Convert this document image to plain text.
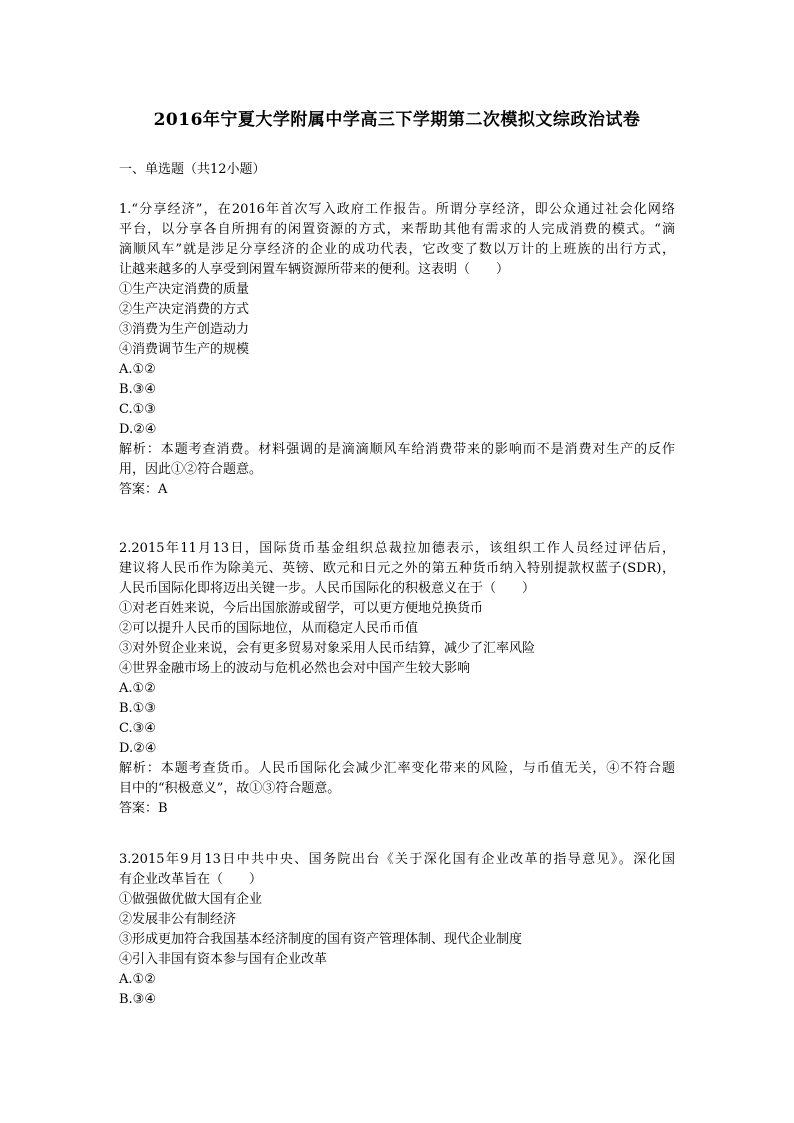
2016年宁夏大学附属中学高三下学期第二次模拟文综政治试卷
一、单选题（共12小题）
1.“分享经济”，在2016年首次写入政府工作报告。所谓分享经济，即公众通过社会化网络
平台，以分享各自所拥有的闲置资源的方式，来帮助其他有需求的人完成消费的模式。“滴
滴顺风车”就是涉足分享经济的企业的成功代表，它改变了数以万计的上班族的出行方式，
让越来越多的人享受到闲置车辆资源所带来的便利。这表明（　　）
①生产决定消费的质量
②生产决定消费的方式
③消费为生产创造动力
④消费调节生产的规模
A.①②
B.③④
C.①③
D.②④
解析：本题考查消费。材料强调的是滴滴顺风车给消费带来的影响而不是消费对生产的反作
用，因此①②符合题意。
答案：A
2.2015年11月13日，国际货币基金组织总裁拉加德表示，该组织工作人员经过评估后，
建议将人民币作为除美元、英镑、欧元和日元之外的第五种货币纳入特别提款权蓝子(SDR)，
人民币国际化即将迈出关键一步。人民币国际化的积极意义在于（　　）
①对老百姓来说，今后出国旅游或留学，可以更方便地兑换货币
②可以提升人民币的国际地位，从而稳定人民币币值
③对外贸企业来说，会有更多贸易对象采用人民币结算，减少了汇率风险
④世界金融市场上的波动与危机必然也会对中国产生较大影响
A.①②
B.①③
C.③④
D.②④
解析：本题考查货币。人民币国际化会减少汇率变化带来的风险，与币值无关，④不符合题
目中的“积极意义”，故①③符合题意。
答案：B
3.2015年9月13日中共中央、国务院出台《关于深化国有企业改革的指导意见》。深化国
有企业改革旨在（　　）
①做强做优做大国有企业
②发展非公有制经济
③形成更加符合我国基本经济制度的国有资产管理体制、现代企业制度
④引入非国有资本参与国有企业改革
A.①②
B.③④
